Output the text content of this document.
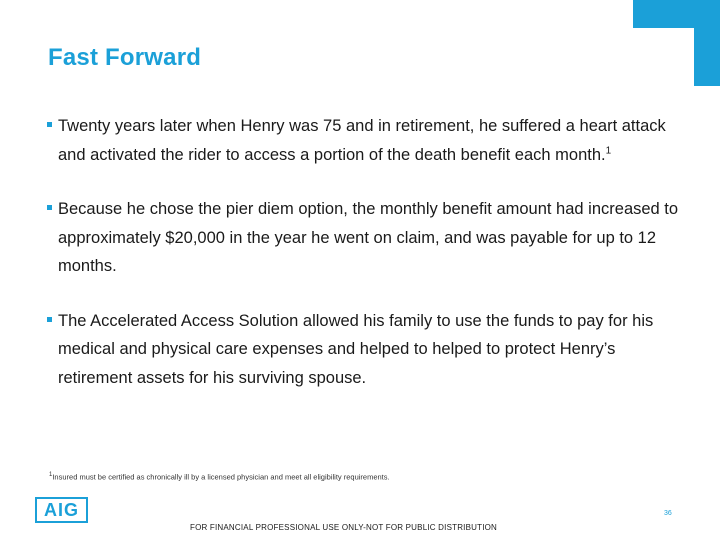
Fast Forward
Twenty years later when Henry was 75 and in retirement, he suffered a heart attack and activated the rider to access a portion of the death benefit each month.$^1$
Because he chose the pier diem option, the monthly benefit amount had increased to approximately $20,000 in the year he went on claim, and was payable for up to 12 months.
The Accelerated Access Solution allowed his family to use the funds to pay for his medical and physical care expenses and helped to helped to protect Henry’s retirement assets for his surviving spouse.
$^1$Insured must be certified as chronically ill by a licensed physician and meet all eligibility requirements.
AIG	36
FOR FINANCIAL PROFESSIONAL USE ONLY-NOT FOR PUBLIC DISTRIBUTION
